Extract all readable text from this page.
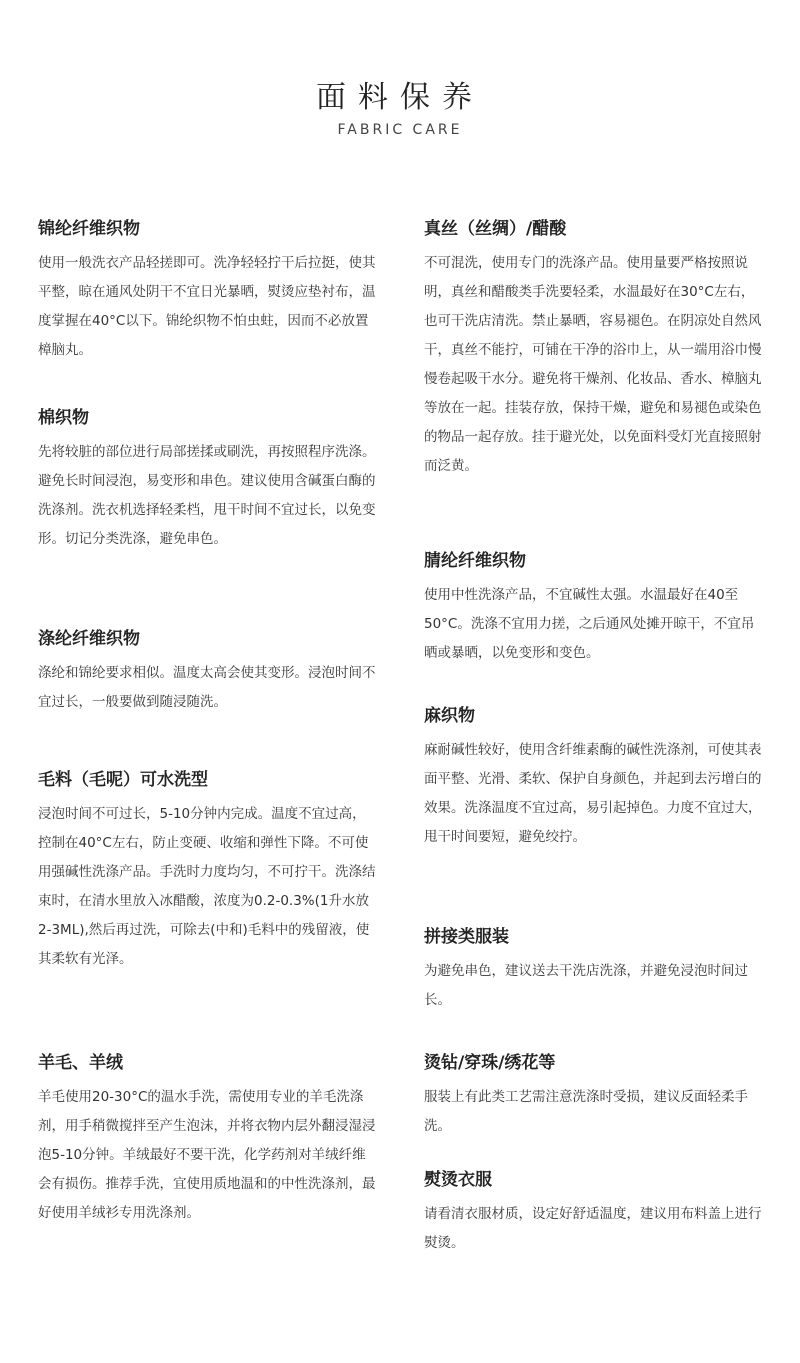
面料保养
FABRIC CARE
锦纶纤维织物

使用一般洗衣产品轻搓即可。洗净轻轻拧干后拉挺，使其平整，晾在通风处阴干不宜日光暴晒，熨烫应垫衬布，温度掌握在40°C以下。锦纶织物不怕虫蛀，因而不必放置樟脑丸。

棉织物

先将较脏的部位进行局部搓揉或刷洗，再按照程序洗涤。避免长时间浸泡，易变形和串色。建议使用含碱蛋白酶的洗涤剂。洗衣机选择轻柔档，甩干时间不宜过长，以免变形。切记分类洗涤，避免串色。

涤纶纤维织物

涤纶和锦纶要求相似。温度太高会使其变形。浸泡时间不宜过长，一般要做到随浸随洗。

毛料（毛呢）可水洗型

浸泡时间不可过长，5-10分钟内完成。温度不宜过高，控制在40°C左右，防止变硬、收缩和弹性下降。不可使用强碱性洗涤产品。手洗时力度均匀，不可拧干。洗涤结束时，在清水里放入冰醋酸，浓度为0.2-0.3%(1升水放2-3ML),然后再过洗，可除去(中和)毛料中的残留液，使其柔软有光泽。

羊毛、羊绒

羊毛使用20-30°C的温水手洗，需使用专业的羊毛洗涤剂，用手稍微搅拌至产生泡沫，并将衣物内层外翻浸湿浸泡5-10分钟。羊绒最好不要干洗，化学药剂对羊绒纤维会有损伤。推荐手洗，宜使用质地温和的中性洗涤剂，最好使用羊绒衫专用洗涤剂。

真丝（丝绸）/醋酸

不可混洗，使用专门的洗涤产品。使用量要严格按照说明，真丝和醋酸类手洗要轻柔，水温最好在30°C左右，也可干洗店清洗。禁止暴晒，容易褪色。在阴凉处自然风干，真丝不能拧，可铺在干净的浴巾上，从一端用浴巾慢慢卷起吸干水分。避免将干燥剂、化妆品、香水、樟脑丸等放在一起。挂装存放，保持干燥，避免和易褪色或染色的物品一起存放。挂于避光处，以免面料受灯光直接照射而泛黄。

腈纶纤维织物

使用中性洗涤产品，不宜碱性太强。水温最好在40至50°C。洗涤不宜用力搓，之后通风处摊开晾干，不宜吊晒或暴晒，以免变形和变色。

麻织物

麻耐碱性较好，使用含纤维素酶的碱性洗涤剂，可使其表面平整、光滑、柔软、保护自身颜色，并起到去污增白的效果。洗涤温度不宜过高，易引起掉色。力度不宜过大，甩干时间要短，避免绞拧。

拼接类服装

为避免串色，建议送去干洗店洗涤，并避免浸泡时间过长。

烫钻/穿珠/绣花等

服装上有此类工艺需注意洗涤时受损，建议反面轻柔手洗。

熨烫衣服

请看清衣服材质，设定好舒适温度，建议用布料盖上进行熨烫。
